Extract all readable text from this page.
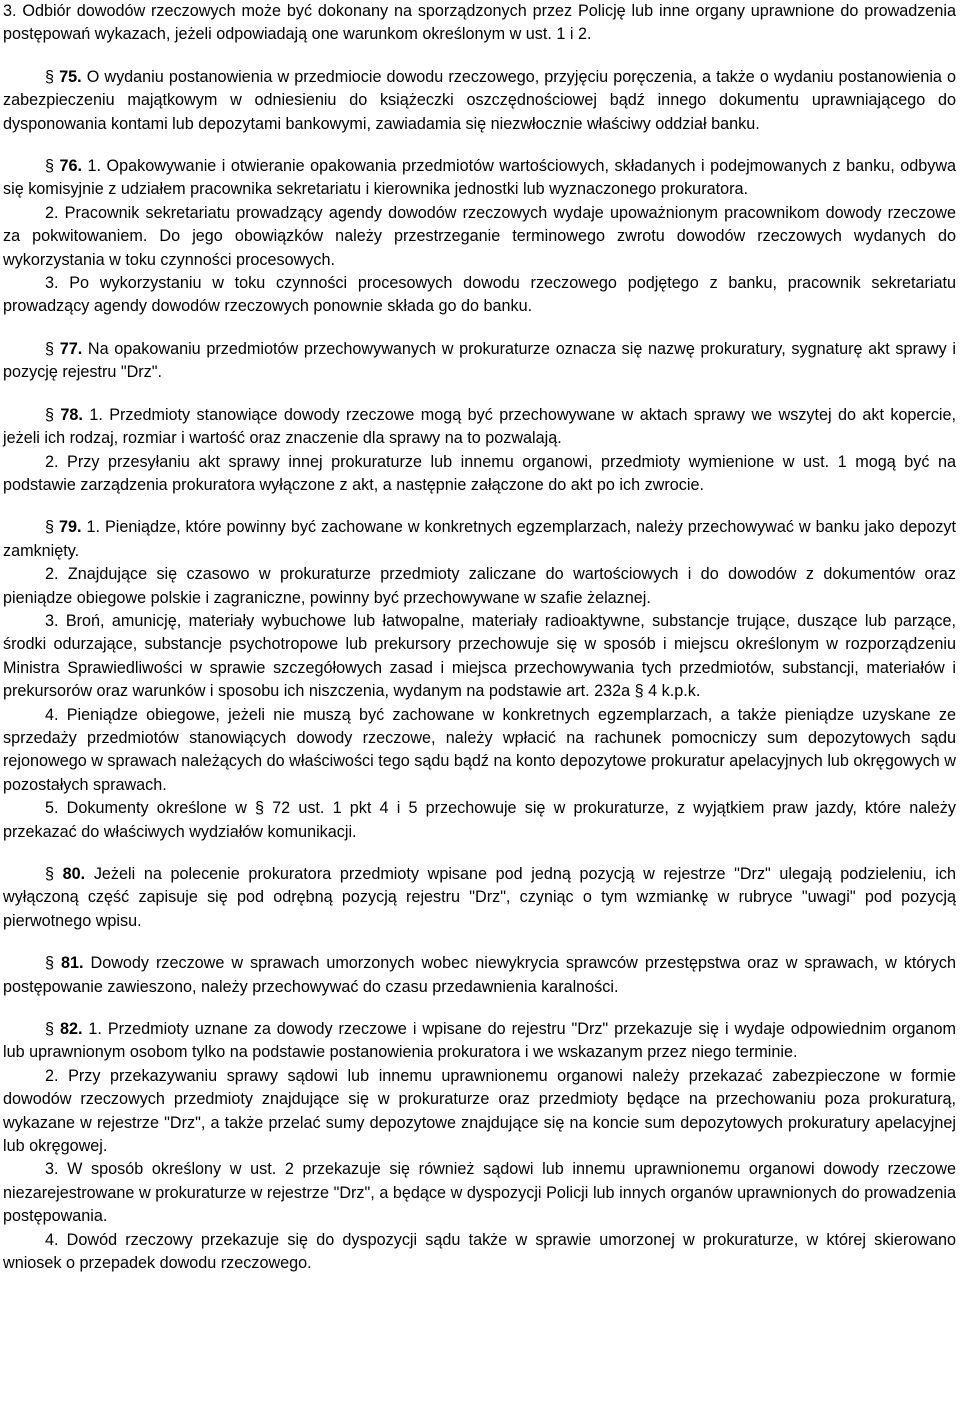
3. Odbiór dowodów rzeczowych może być dokonany na sporządzonych przez Policję lub inne organy uprawnione do prowadzenia postępowań wykazach, jeżeli odpowiadają one warunkom określonym w ust. 1 i 2.

§ 75. O wydaniu postanowienia w przedmiocie dowodu rzeczowego, przyjęciu poręczenia, a także o wydaniu postanowienia o zabezpieczeniu majątkowym w odniesieniu do książeczki oszczędnościowej bądź innego dokumentu uprawniającego do dysponowania kontami lub depozytami bankowymi, zawiadamia się niezwłocznie właściwy oddział banku.

§ 76. 1. Opakowywanie i otwieranie opakowania przedmiotów wartościowych, składanych i podejmowanych z banku, odbywa się komisyjnie z udziałem pracownika sekretariatu i kierownika jednostki lub wyznaczonego prokuratora.

2. Pracownik sekretariatu prowadzący agendy dowodów rzeczowych wydaje upoważnionym pracownikom dowody rzeczowe za pokwitowaniem. Do jego obowiązków należy przestrzeganie terminowego zwrotu dowodów rzeczowych wydanych do wykorzystania w toku czynności procesowych.

3. Po wykorzystaniu w toku czynności procesowych dowodu rzeczowego podjętego z banku, pracownik sekretariatu prowadzący agendy dowodów rzeczowych ponownie składa go do banku.

§ 77. Na opakowaniu przedmiotów przechowywanych w prokuraturze oznacza się nazwę prokuratury, sygnaturę akt sprawy i pozycję rejestru "Drz".

§ 78. 1. Przedmioty stanowiące dowody rzeczowe mogą być przechowywane w aktach sprawy we wszytej do akt kopercie, jeżeli ich rodzaj, rozmiar i wartość oraz znaczenie dla sprawy na to pozwalają.

2. Przy przesyłaniu akt sprawy innej prokuraturze lub innemu organowi, przedmioty wymienione w ust. 1 mogą być na podstawie zarządzenia prokuratora wyłączone z akt, a następnie załączone do akt po ich zwrocie.

§ 79. 1. Pieniądze, które powinny być zachowane w konkretnych egzemplarzach, należy przechowywać w banku jako depozyt zamknięty.

2. Znajdujące się czasowo w prokuraturze przedmioty zaliczane do wartościowych i do dowodów z dokumentów oraz pieniądze obiegowe polskie i zagraniczne, powinny być przechowywane w szafie żelaznej.

3. Broń, amunicję, materiały wybuchowe lub łatwopalne, materiały radioaktywne, substancje trujące, duszące lub parzące, środki odurzające, substancje psychotropowe lub prekursory przechowuje się w sposób i miejscu określonym w rozporządzeniu Ministra Sprawiedliwości w sprawie szczegółowych zasad i miejsca przechowywania tych przedmiotów, substancji, materiałów i prekursorów oraz warunków i sposobu ich niszczenia, wydanym na podstawie art. 232a § 4 k.p.k.

4. Pieniądze obiegowe, jeżeli nie muszą być zachowane w konkretnych egzemplarzach, a także pieniądze uzyskane ze sprzedaży przedmiotów stanowiących dowody rzeczowe, należy wpłacić na rachunek pomocniczy sum depozytowych sądu rejonowego w sprawach należących do właściwości tego sądu bądź na konto depozytowe prokuratur apelacyjnych lub okręgowych w pozostałych sprawach.

5. Dokumenty określone w § 72 ust. 1 pkt 4 i 5 przechowuje się w prokuraturze, z wyjątkiem praw jazdy, które należy przekazać do właściwych wydziałów komunikacji.

§ 80. Jeżeli na polecenie prokuratora przedmioty wpisane pod jedną pozycją w rejestrze "Drz" ulegają podzieleniu, ich wyłączoną część zapisuje się pod odrębną pozycją rejestru "Drz", czyniąc o tym wzmiankę w rubryce "uwagi" pod pozycją pierwotnego wpisu.

§ 81. Dowody rzeczowe w sprawach umorzonych wobec niewykrycia sprawców przestępstwa oraz w sprawach, w których postępowanie zawieszono, należy przechowywać do czasu przedawnienia karalności.

§ 82. 1. Przedmioty uznane za dowody rzeczowe i wpisane do rejestru "Drz" przekazuje się i wydaje odpowiednim organom lub uprawnionym osobom tylko na podstawie postanowienia prokuratora i we wskazanym przez niego terminie.

2. Przy przekazywaniu sprawy sądowi lub innemu uprawnionemu organowi należy przekazać zabezpieczone w formie dowodów rzeczowych przedmioty znajdujące się w prokuraturze oraz przedmioty będące na przechowaniu poza prokuraturą, wykazane w rejestrze "Drz", a także przelać sumy depozytowe znajdujące się na koncie sum depozytowych prokuratury apelacyjnej lub okręgowej.

3. W sposób określony w ust. 2 przekazuje się również sądowi lub innemu uprawnionemu organowi dowody rzeczowe niezarejestrowane w prokuraturze w rejestrze "Drz", a będące w dyspozycji Policji lub innych organów uprawnionych do prowadzenia postępowania.

4. Dowód rzeczowy przekazuje się do dyspozycji sądu także w sprawie umorzonej w prokuraturze, w której skierowano wniosek o przepadek dowodu rzeczowego.
